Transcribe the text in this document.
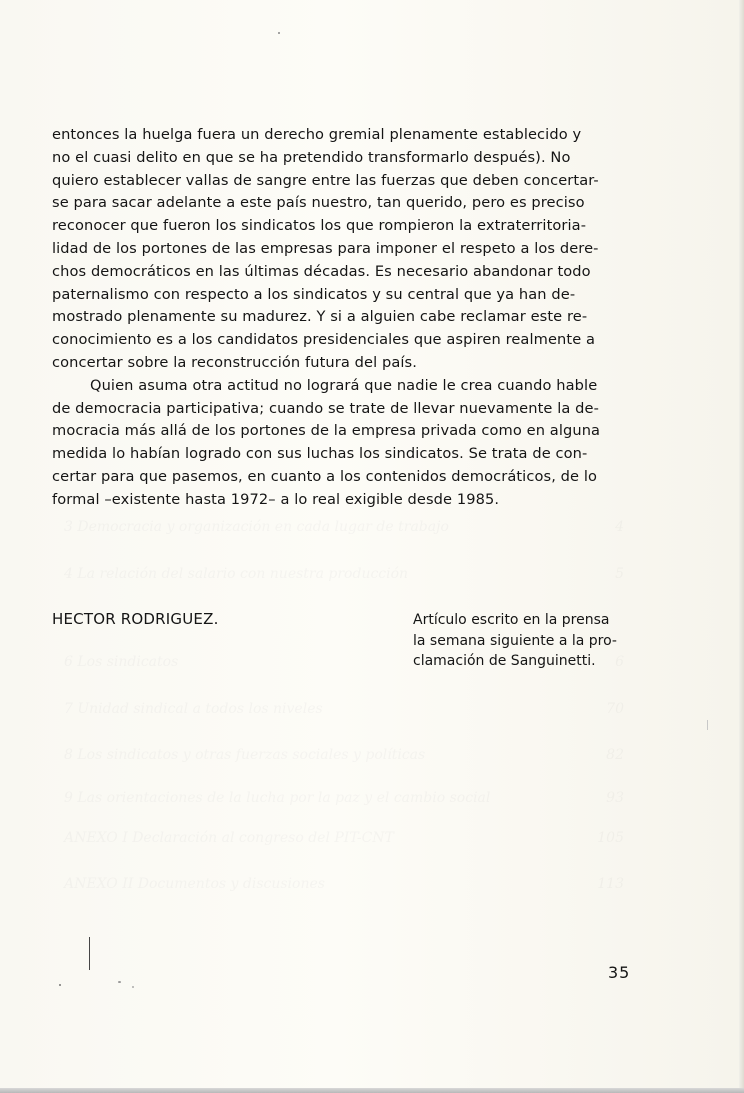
3 Democracia y organización en cada lugar de trabajo	4
4 La relación del salario con nuestra producción	5
6 Los sindicatos	6
7 Unidad sindical a todos los niveles	70
8 Los sindicatos y otras fuerzas sociales y políticas	82
9 Las orientaciones de la lucha por la paz y el cambio social	93
ANEXO I Declaración al congreso del PIT-CNT	105
ANEXO II Documentos y discusiones	113

entonces la huelga fuera un derecho gremial plenamente establecido y
no el cuasi delito en que se ha pretendido transformarlo después). No
quiero establecer vallas de sangre entre las fuerzas que deben concertar-
se para sacar adelante a este país nuestro, tan querido, pero es preciso
reconocer que fueron los sindicatos los que rompieron la extraterritoria-
lidad de los portones de las empresas para imponer el respeto a los dere-
chos democráticos en las últimas décadas. Es necesario abandonar todo
paternalismo con respecto a los sindicatos y su central que ya han de-
mostrado plenamente su madurez. Y si a alguien cabe reclamar este re-
conocimiento es a los candidatos presidenciales que aspiren realmente a
concertar sobre la reconstrucción futura del país.

Quien asuma otra actitud no logrará que nadie le crea cuando hable
de democracia participativa; cuando se trate de llevar nuevamente la de-
mocracia más allá de los portones de la empresa privada como en alguna
medida lo habían logrado con sus luchas los sindicatos. Se trata de con-
certar para que pasemos, en cuanto a los contenidos democráticos, de lo
formal –existente hasta 1972– a lo real exigible desde 1985.

HECTOR RODRIGUEZ.	Artículo escrito en la prensa
la semana siguiente a la pro-
clamación de Sanguinetti.
35
